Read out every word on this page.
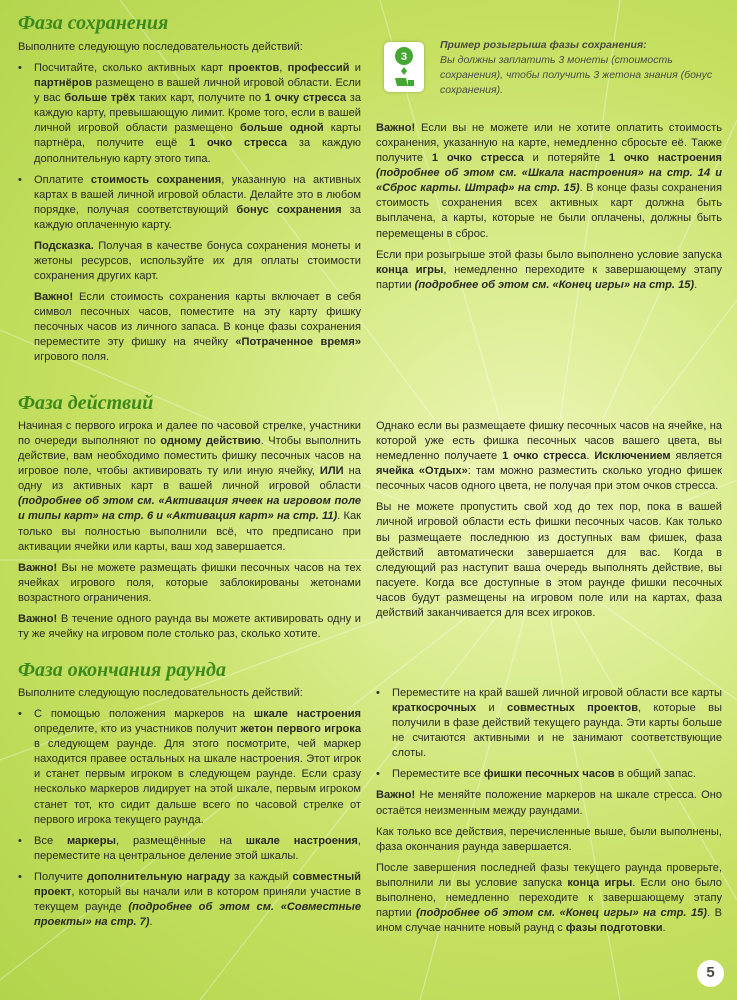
Фаза сохранения

Выполните следующую последовательность действий:

• Посчитайте, сколько активных карт проектов, профессий и партнёров размещено в вашей личной игровой области. Если у вас больше трёх таких карт, получите по 1 очку стресса за каждую карту, превышающую лимит. Кроме того, если в вашей личной игровой области размещено больше одной карты партнёра, получите ещё 1 очко стресса за каждую дополнительную карту этого типа.
• Оплатите стоимость сохранения, указанную на активных картах в вашей личной игровой области. Делайте это в любом порядке, получая соответствующий бонус сохранения за каждую оплаченную карту.

Подсказка. Получая в качестве бонуса сохранения монеты и жетоны ресурсов, используйте их для оплаты стоимости сохранения других карт.

Важно! Если стоимость сохранения карты включает в себя символ песочных часов, поместите на эту карту фишку песочных часов из личного запаса. В конце фазы сохранения переместите эту фишку на ячейку «Потраченное время» игрового поля.

3
Пример розыгрыша фазы сохранения:
Вы должны заплатить 3 монеты (стоимость сохранения), чтобы получить 3 жетона знания (бонус сохранения).

Важно! Если вы не можете или не хотите оплатить стоимость сохранения, указанную на карте, немедленно сбросьте её. Также получите 1 очко стресса и потеряйте 1 очко настроения (подробнее об этом см. «Шкала настроения» на стр. 14 и «Сброс карты. Штраф» на стр. 15). В конце фазы сохранения стоимость сохранения всех активных карт должна быть выплачена, а карты, которые не были оплачены, должны быть перемещены в сброс.

Если при розыгрыше этой фазы было выполнено условие запуска конца игры, немедленно переходите к завершающему этапу партии (подробнее об этом см. «Конец игры» на стр. 15).

Фаза действий

Начиная с первого игрока и далее по часовой стрелке, участники по очереди выполняют по одному действию. Чтобы выполнить действие, вам необходимо поместить фишку песочных часов на игровое поле, чтобы активировать ту или иную ячейку, ИЛИ на одну из активных карт в вашей личной игровой области (подробнее об этом см. «Активация ячеек на игровом поле и типы карт» на стр. 6 и «Активация карт» на стр. 11). Как только вы полностью выполнили всё, что предписано при активации ячейки или карты, ваш ход завершается.

Важно! Вы не можете размещать фишки песочных часов на тех ячейках игрового поля, которые заблокированы жетонами возрастного ограничения.

Важно! В течение одного раунда вы можете активировать одну и ту же ячейку на игровом поле столько раз, сколько хотите.

Однако если вы размещаете фишку песочных часов на ячейке, на которой уже есть фишка песочных часов вашего цвета, вы немедленно получаете 1 очко стресса. Исключением является ячейка «Отдых»: там можно разместить сколько угодно фишек песочных часов одного цвета, не получая при этом очков стресса.

Вы не можете пропустить свой ход до тех пор, пока в вашей личной игровой области есть фишки песочных часов. Как только вы размещаете последнюю из доступных вам фишек, фаза действий автоматически завершается для вас. Когда в следующий раз наступит ваша очередь выполнять действие, вы пасуете. Когда все доступные в этом раунде фишки песочных часов будут размещены на игровом поле или на картах, фаза действий заканчивается для всех игроков.

Фаза окончания раунда

Выполните следующую последовательность действий:

• С помощью положения маркеров на шкале настроения определите, кто из участников получит жетон первого игрока в следующем раунде. Для этого посмотрите, чей маркер находится правее остальных на шкале настроения. Этот игрок и станет первым игроком в следующем раунде. Если сразу несколько маркеров лидирует на этой шкале, первым игроком станет тот, кто сидит дальше всего по часовой стрелке от первого игрока текущего раунда.
• Все маркеры, размещённые на шкале настроения, переместите на центральное деление этой шкалы.
• Получите дополнительную награду за каждый совместный проект, который вы начали или в котором приняли участие в текущем раунде (подробнее об этом см. «Совместные проекты» на стр. 7).
• Переместите на край вашей личной игровой области все карты краткосрочных и совместных проектов, которые вы получили в фазе действий текущего раунда. Эти карты больше не считаются активными и не занимают соответствующие слоты.
• Переместите все фишки песочных часов в общий запас.

Важно! Не меняйте положение маркеров на шкале стресса. Оно остаётся неизменным между раундами.

Как только все действия, перечисленные выше, были выполнены, фаза окончания раунда завершается.

После завершения последней фазы текущего раунда проверьте, выполнили ли вы условие запуска конца игры. Если оно было выполнено, немедленно переходите к завершающему этапу партии (подробнее об этом см. «Конец игры» на стр. 15). В ином случае начните новый раунд с фазы подготовки.

5
